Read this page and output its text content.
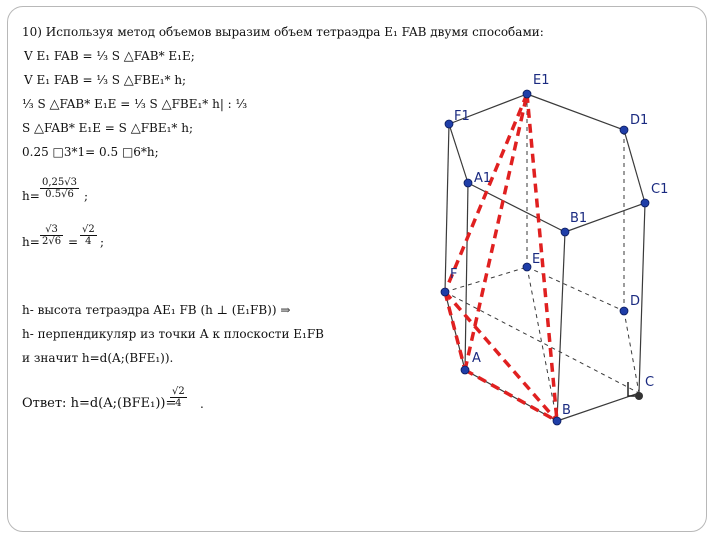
10) Используя метод объемов выразим объем тетраэдра E₁ FAB двумя способами:
V E₁ FAB = ⅓ S △FAB* E₁E;
V E₁ FAB = ⅓ S △FBE₁* h;
⅓ S △FAB* E₁E = ⅓ S △FBE₁* h| : ⅓
S △FAB* E₁E = S △FBE₁* h;
0.25 □3*1= 0.5 □6*h;
$h= \frac{0,25√3}{0.5√6}$ ;
$h= \frac{√3}{2√6} = \frac{√2}{4}$ ;
h- высота тетраэдра AE₁ FB (h ⊥ (E₁FB)) ⇒
h- перпендикуляр из точки А к плоскости E₁FB
и значит h=d(A;(BFE₁)).
Ответ: h=d(A;(BFE₁))=
$\frac{√2}{4}$ .
E1
F1	D1
A1
C1
B1
E
F
D
A
C
B
